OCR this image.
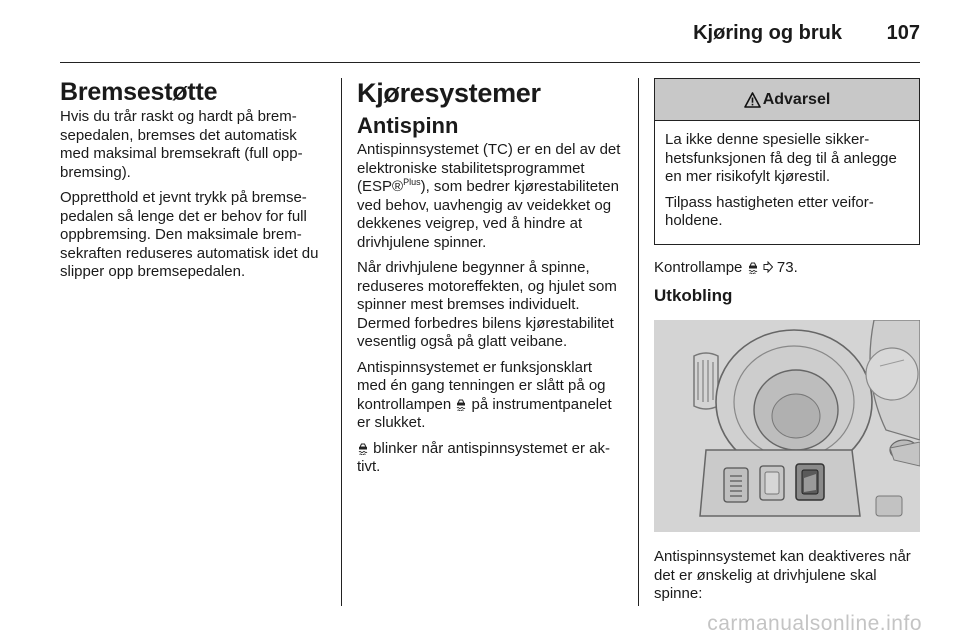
Kjøring og bruk 107
Bremsestøtte

Hvis du trår raskt og hardt på bremsepedalen, bremses det automatisk med maksimal bremsekraft (full oppbremsing).

Oppretthold et jevnt trykk på bremsepedalen så lenge det er behov for full oppbremsing. Den maksimale bremsekraften reduseres automatisk idet du slipper opp bremsepedalen.

Kjøresystemer
Antispinn

Antispinnsystemet (TC) er en del av det elektroniske stabilitetsprogrammet (ESP®$^{Plus}$), som bedrer kjørestabiliteten ved behov, uavhengig av veidekket og dekkenes veigrep, ved å hindre at drivhjulene spinner.

Når drivhjulene begynner å spinne, reduseres motoreffekten, og hjulet som spinner mest bremses individuelt. Dermed forbedres bilens kjørestabilitet vesentlig også på glatt veibane.

Antispinnsystemet er funksjonsklart med én gang tenningen er slått på og kontrollampen  på instrumentpanelet er slukket.

blinker når antispinnsystemet er aktivt.

Advarsel

La ikke denne spesielle sikkerhetsfunksjonen få deg til å anlegge en mer risikofylt kjørestil.

Tilpass hastigheten etter veiforholdene.

Kontrollampe   73.

Utkobling

Antispinnsystemet kan deaktiveres når det er ønskelig at drivhjulene skal spinne:

carmanualsonline.info
